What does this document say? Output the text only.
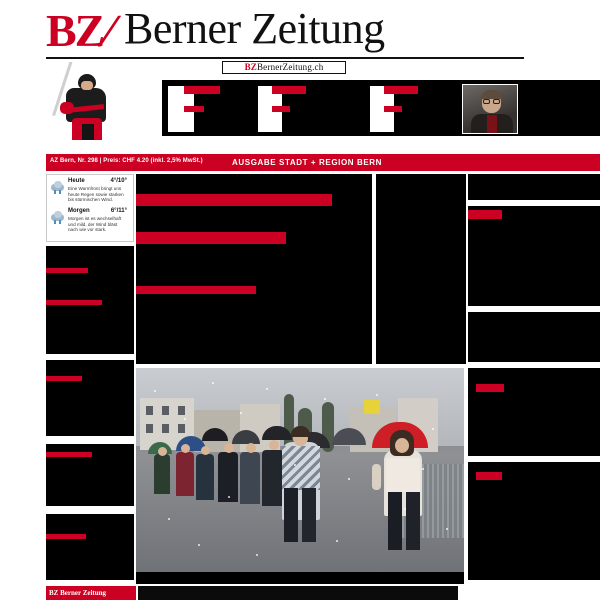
BZ/ Berner Zeitung
BZBernerZeitung.ch
AZ Bern, Nr. 298 | Preis: CHF 4.20 (inkl. 2,5% MwSt.)	AUSGABE STADT + REGION BERN
Heute	4°/10°
Eine Warmfront bringt uns heute Regen sowie starken bis stürmischen Wind.
Morgen	6°/11°
Morgen ist es wechselhaft und mild, der Wind bläst nach wie vor stark.
BZ Berner Zeitung
